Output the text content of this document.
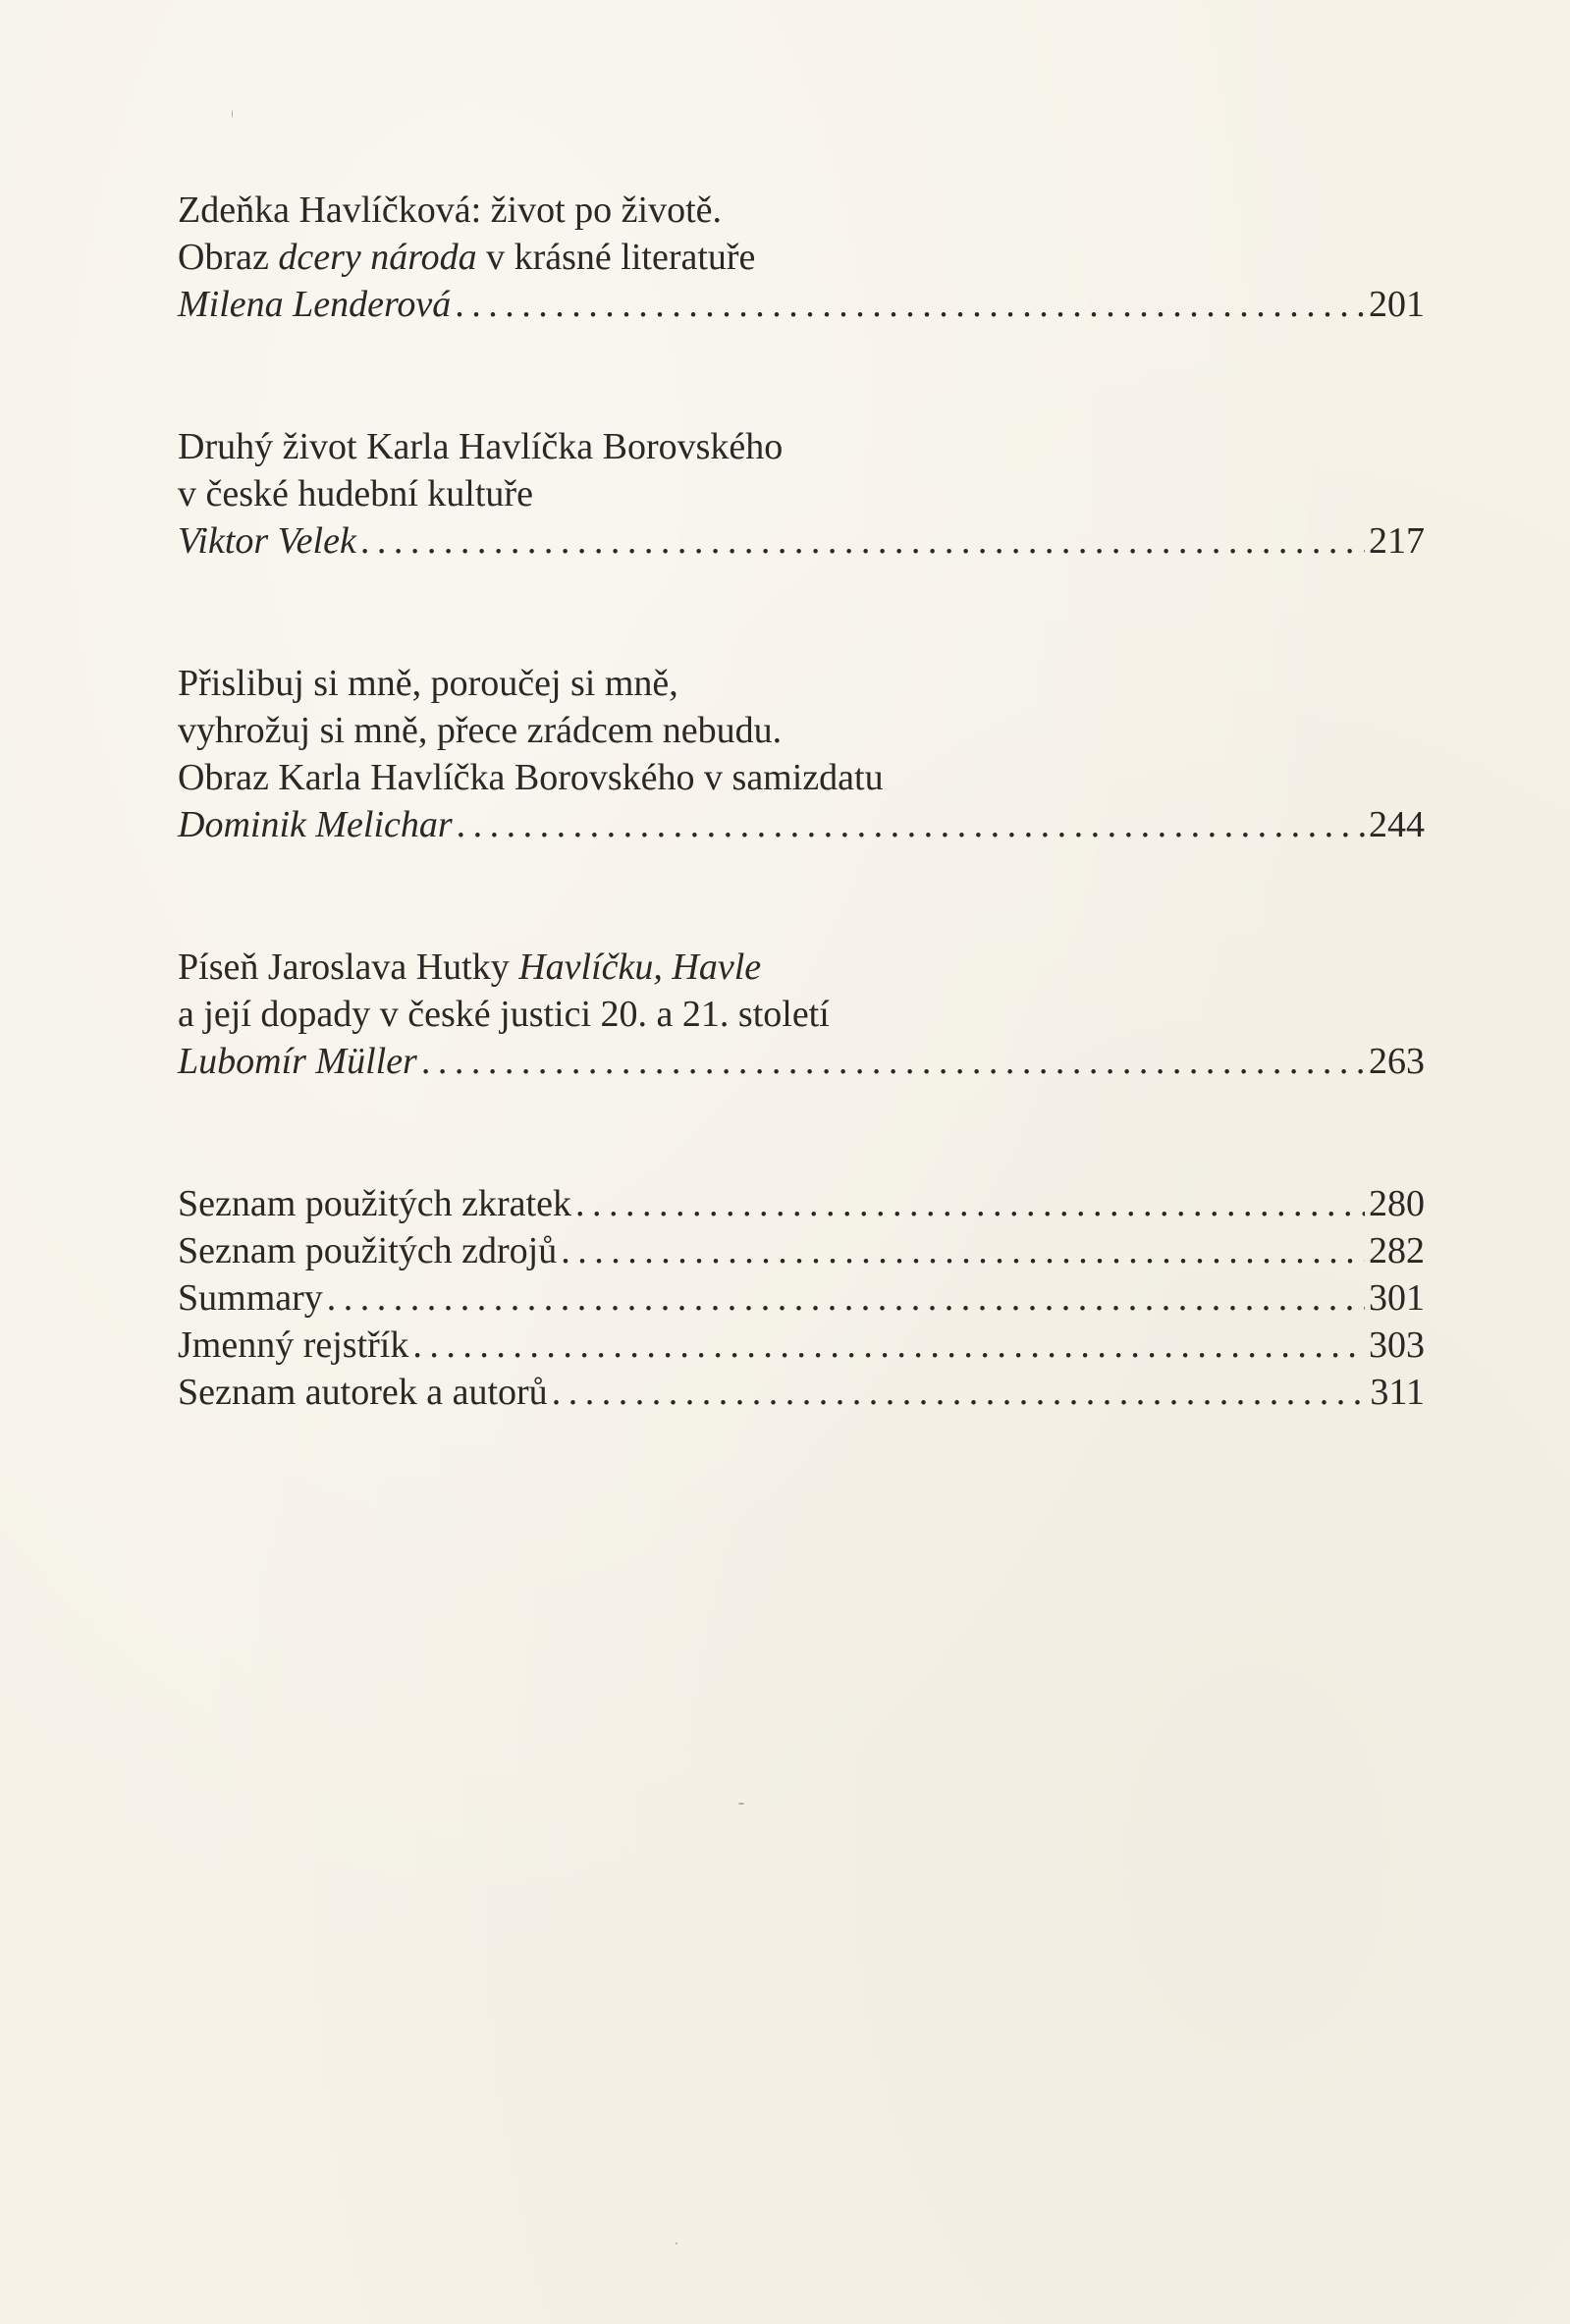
Zdeňka Havlíčková: život po životě.
Obraz dcery národa v krásné literatuře
Milena Lenderová . . .	201
Druhý život Karla Havlíčka Borovského
v české hudební kultuře
Viktor Velek . . .	217
Přislibuj si mně, poroučej si mně,
vyhrožuj si mně, přece zrádcem nebudu.
Obraz Karla Havlíčka Borovského v samizdatu
Dominik Melichar . . .	244
Píseň Jaroslava Hutky Havlíčku, Havle
a její dopady v české justici 20. a 21. století
Lubomír Müller . . .	263
Seznam použitých zkratek . . .	280
Seznam použitých zdrojů . . .	282
Summary . . .	301
Jmenný rejstřík . . .	303
Seznam autorek a autorů . . .	311
